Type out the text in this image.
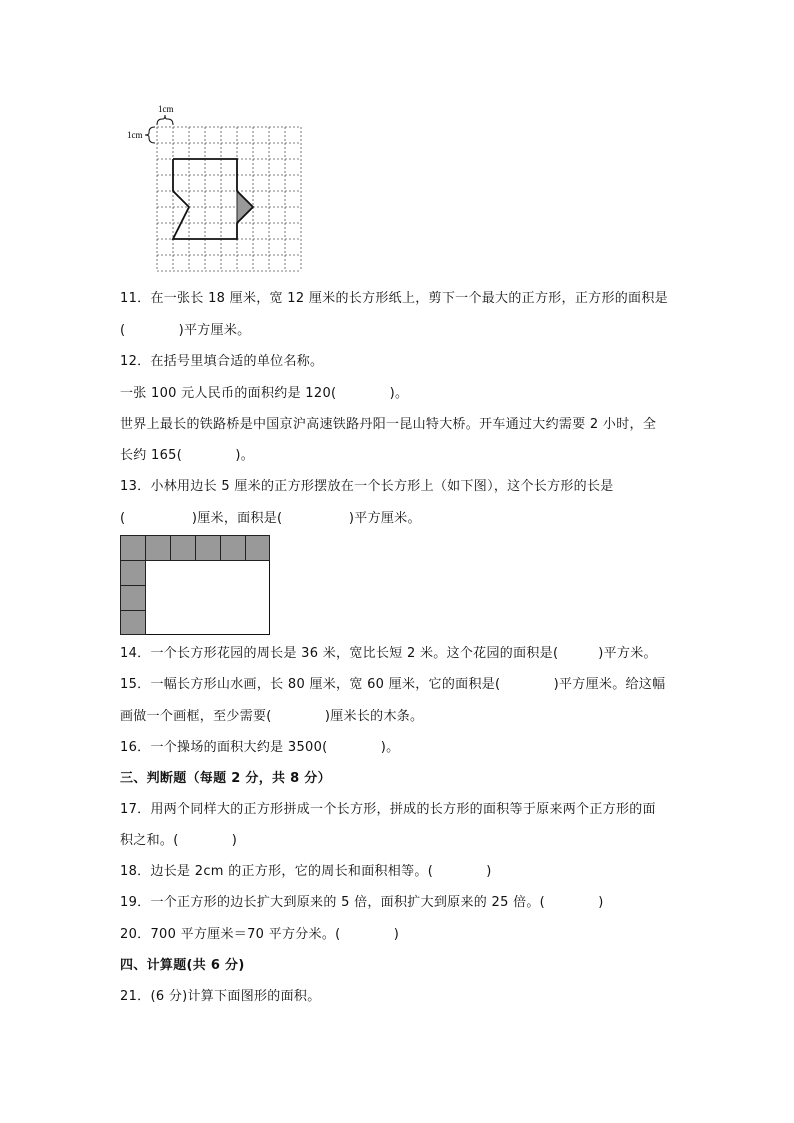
1cm
1cm
11．在一张长 18 厘米，宽 12 厘米的长方形纸上，剪下一个最大的正方形，正方形的面积是
(　　　　)平方厘米。
12．在括号里填合适的单位名称。
一张 100 元人民币的面积约是 120(　　　　)。
世界上最长的铁路桥是中国京沪高速铁路丹阳一昆山特大桥。开车通过大约需要 2 小时，全
长约 165(　　　　)。
13．小林用边长 5 厘米的正方形摆放在一个长方形上（如下图），这个长方形的长是
(　　　　　)厘米，面积是(　　　　　)平方厘米。
14．一个长方形花园的周长是 36 米，宽比长短 2 米。这个花园的面积是(　　　)平方米。
15．一幅长方形山水画，长 80 厘米，宽 60 厘米，它的面积是(　　　　)平方厘米。给这幅
画做一个画框，至少需要(　　　　)厘米长的木条。
16．一个操场的面积大约是 3500(　　　　)。
三、判断题（每题 2 分，共 8 分）
17．用两个同样大的正方形拼成一个长方形，拼成的长方形的面积等于原来两个正方形的面
积之和。(　　　　)
18．边长是 2cm 的正方形，它的周长和面积相等。(　　　　)
19．一个正方形的边长扩大到原来的 5 倍，面积扩大到原来的 25 倍。(　　　　)
20．700 平方厘米＝70 平方分米。(　　　　)
四、计算题(共 6 分)
21．(6 分)计算下面图形的面积。
